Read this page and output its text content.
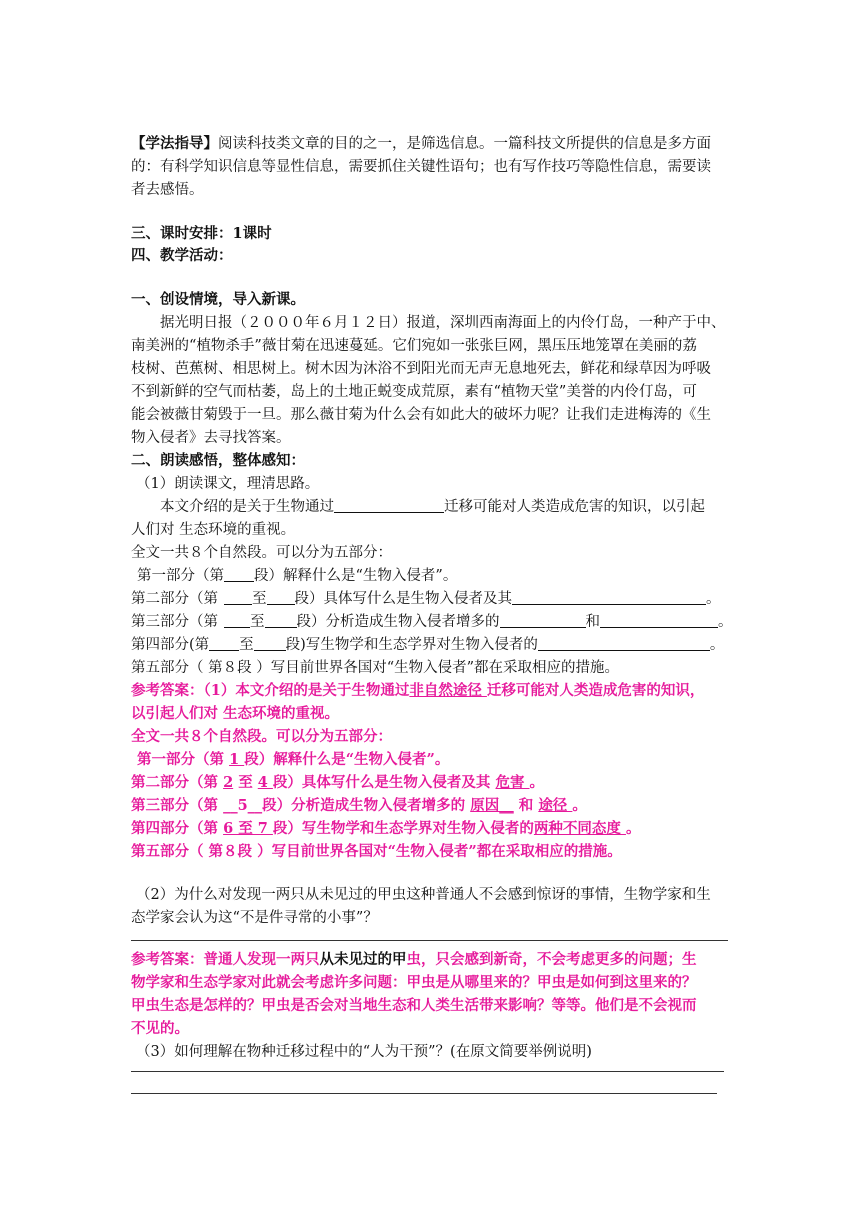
【学法指导】阅读科技类文章的目的之一，是筛选信息。一篇科技文所提供的信息是多方面
的：有科学知识信息等显性信息，需要抓住关键性语句；也有写作技巧等隐性信息，需要读
者去感悟。
三、课时安排：1课时
四、教学活动：
一、创设情境，导入新课。
据光明日报（２０００年６月１２日）报道，深圳西南海面上的内伶仃岛，一种产于中、
南美洲的“植物杀手”薇甘菊在迅速蔓延。它们宛如一张张巨网，黑压压地笼罩在美丽的荔
枝树、芭蕉树、相思树上。树木因为沐浴不到阳光而无声无息地死去，鲜花和绿草因为呼吸
不到新鲜的空气而枯萎，岛上的土地正蜕变成荒原，素有“植物天堂”美誉的内伶仃岛，可
能会被薇甘菊毁于一旦。那么薇甘菊为什么会有如此大的破坏力呢？让我们走进梅涛的《生
物入侵者》去寻找答案。
二、朗读感悟，整体感知：
（1）朗读课文，理清思路。
本文介绍的是关于生物通过	迁移可能对人类造成危害的知识，以引起
人们对 生态环境的重视。
全文一共８个自然段。可以分为五部分：
第一部分（第 段）解释什么是“生物入侵者”。
第二部分（第 至 段）具体写什么是生物入侵者及其	。
第三部分（第 至 段）分析造成生物入侵者增多的	和	。
第四部分(第 至 段)写生物学和生态学界对生物入侵者的	。
第五部分（ 第８段 ）写目前世界各国对“生物入侵者”都在采取相应的措施。
参考答案：（1）本文介绍的是关于生物通过非自然途径 迁移可能对人类造成危害的知识，
以引起人们对 生态环境的重视。
全文一共８个自然段。可以分为五部分：
第一部分（第 1 段）解释什么是“生物入侵者”。
第二部分（第 2 至 4 段）具体写什么是生物入侵者及其 危害 。
第三部分（第 __5__段）分析造成生物入侵者增多的 原因__ 和 途径 。
第四部分（第 6 至 7 段）写生物学和生态学界对生物入侵者的两种不同态度 。
第五部分（ 第８段 ）写目前世界各国对“生物入侵者”都在采取相应的措施。
（2）为什么对发现一两只从未见过的甲虫这种普通人不会感到惊讶的事情，生物学家和生
态学家会认为这“不是件寻常的小事”？
参考答案：普通人发现一两只从未见过的甲虫，只会感到新奇，不会考虑更多的问题；生
物学家和生态学家对此就会考虑许多问题：甲虫是从哪里来的？甲虫是如何到这里来的？
甲虫生态是怎样的？甲虫是否会对当地生态和人类生活带来影响？等等。他们是不会视而
不见的。
（3）如何理解在物种迁移过程中的“人为干预”？(在原文简要举例说明)
